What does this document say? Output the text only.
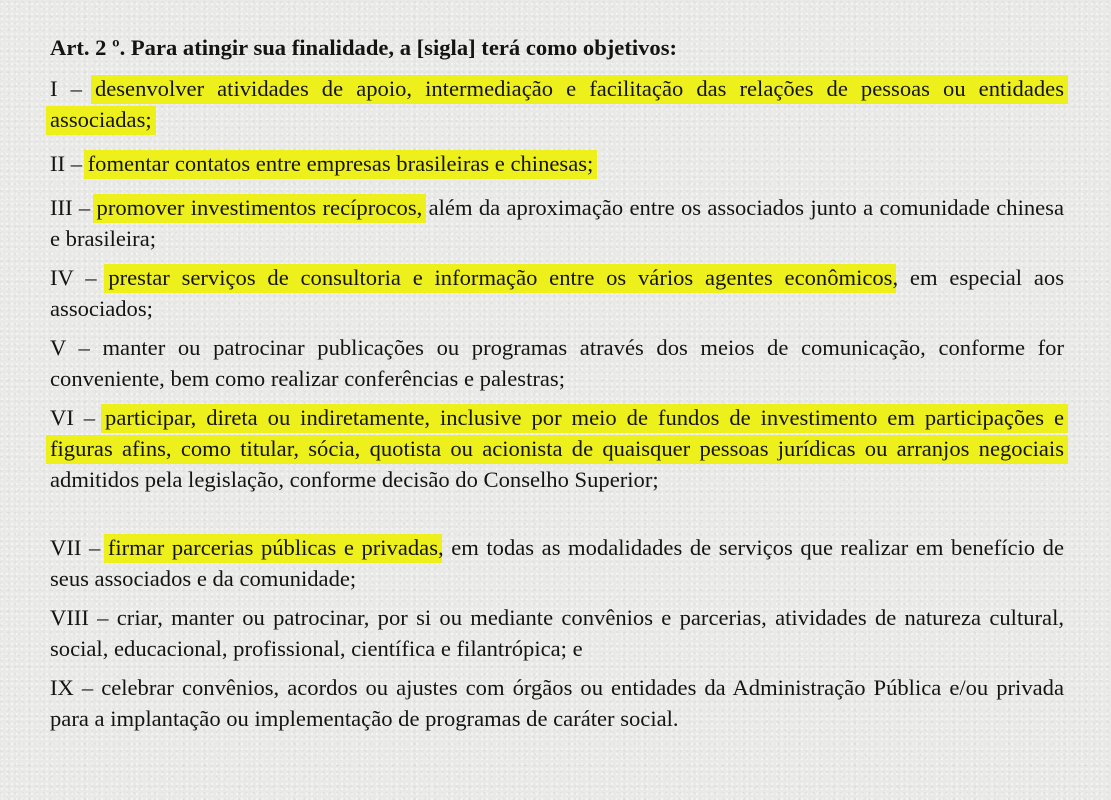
Art. 2 º. Para atingir sua finalidade, a [sigla] terá como objetivos:

I – desenvolver atividades de apoio, intermediação e facilitação das relações de pessoas ou entidades associadas;

II – fomentar contatos entre empresas brasileiras e chinesas;

III – promover investimentos recíprocos, além da aproximação entre os associados junto a comunidade chinesa e brasileira;

IV – prestar serviços de consultoria e informação entre os vários agentes econômicos, em especial aos associados;

V – manter ou patrocinar publicações ou programas através dos meios de comunicação, conforme for conveniente, bem como realizar conferências e palestras;

VI – participar, direta ou indiretamente, inclusive por meio de fundos de investimento em participações e figuras afins, como titular, sócia, quotista ou acionista de quaisquer pessoas jurídicas ou arranjos negociais admitidos pela legislação, conforme decisão do Conselho Superior;

VII – firmar parcerias públicas e privadas, em todas as modalidades de serviços que realizar em benefício de seus associados e da comunidade;

VIII – criar, manter ou patrocinar, por si ou mediante convênios e parcerias, atividades de natureza cultural, social, educacional, profissional, científica e filantrópica; e

IX – celebrar convênios, acordos ou ajustes com órgãos ou entidades da Administração Pública e/ou privada para a implantação ou implementação de programas de caráter social.
